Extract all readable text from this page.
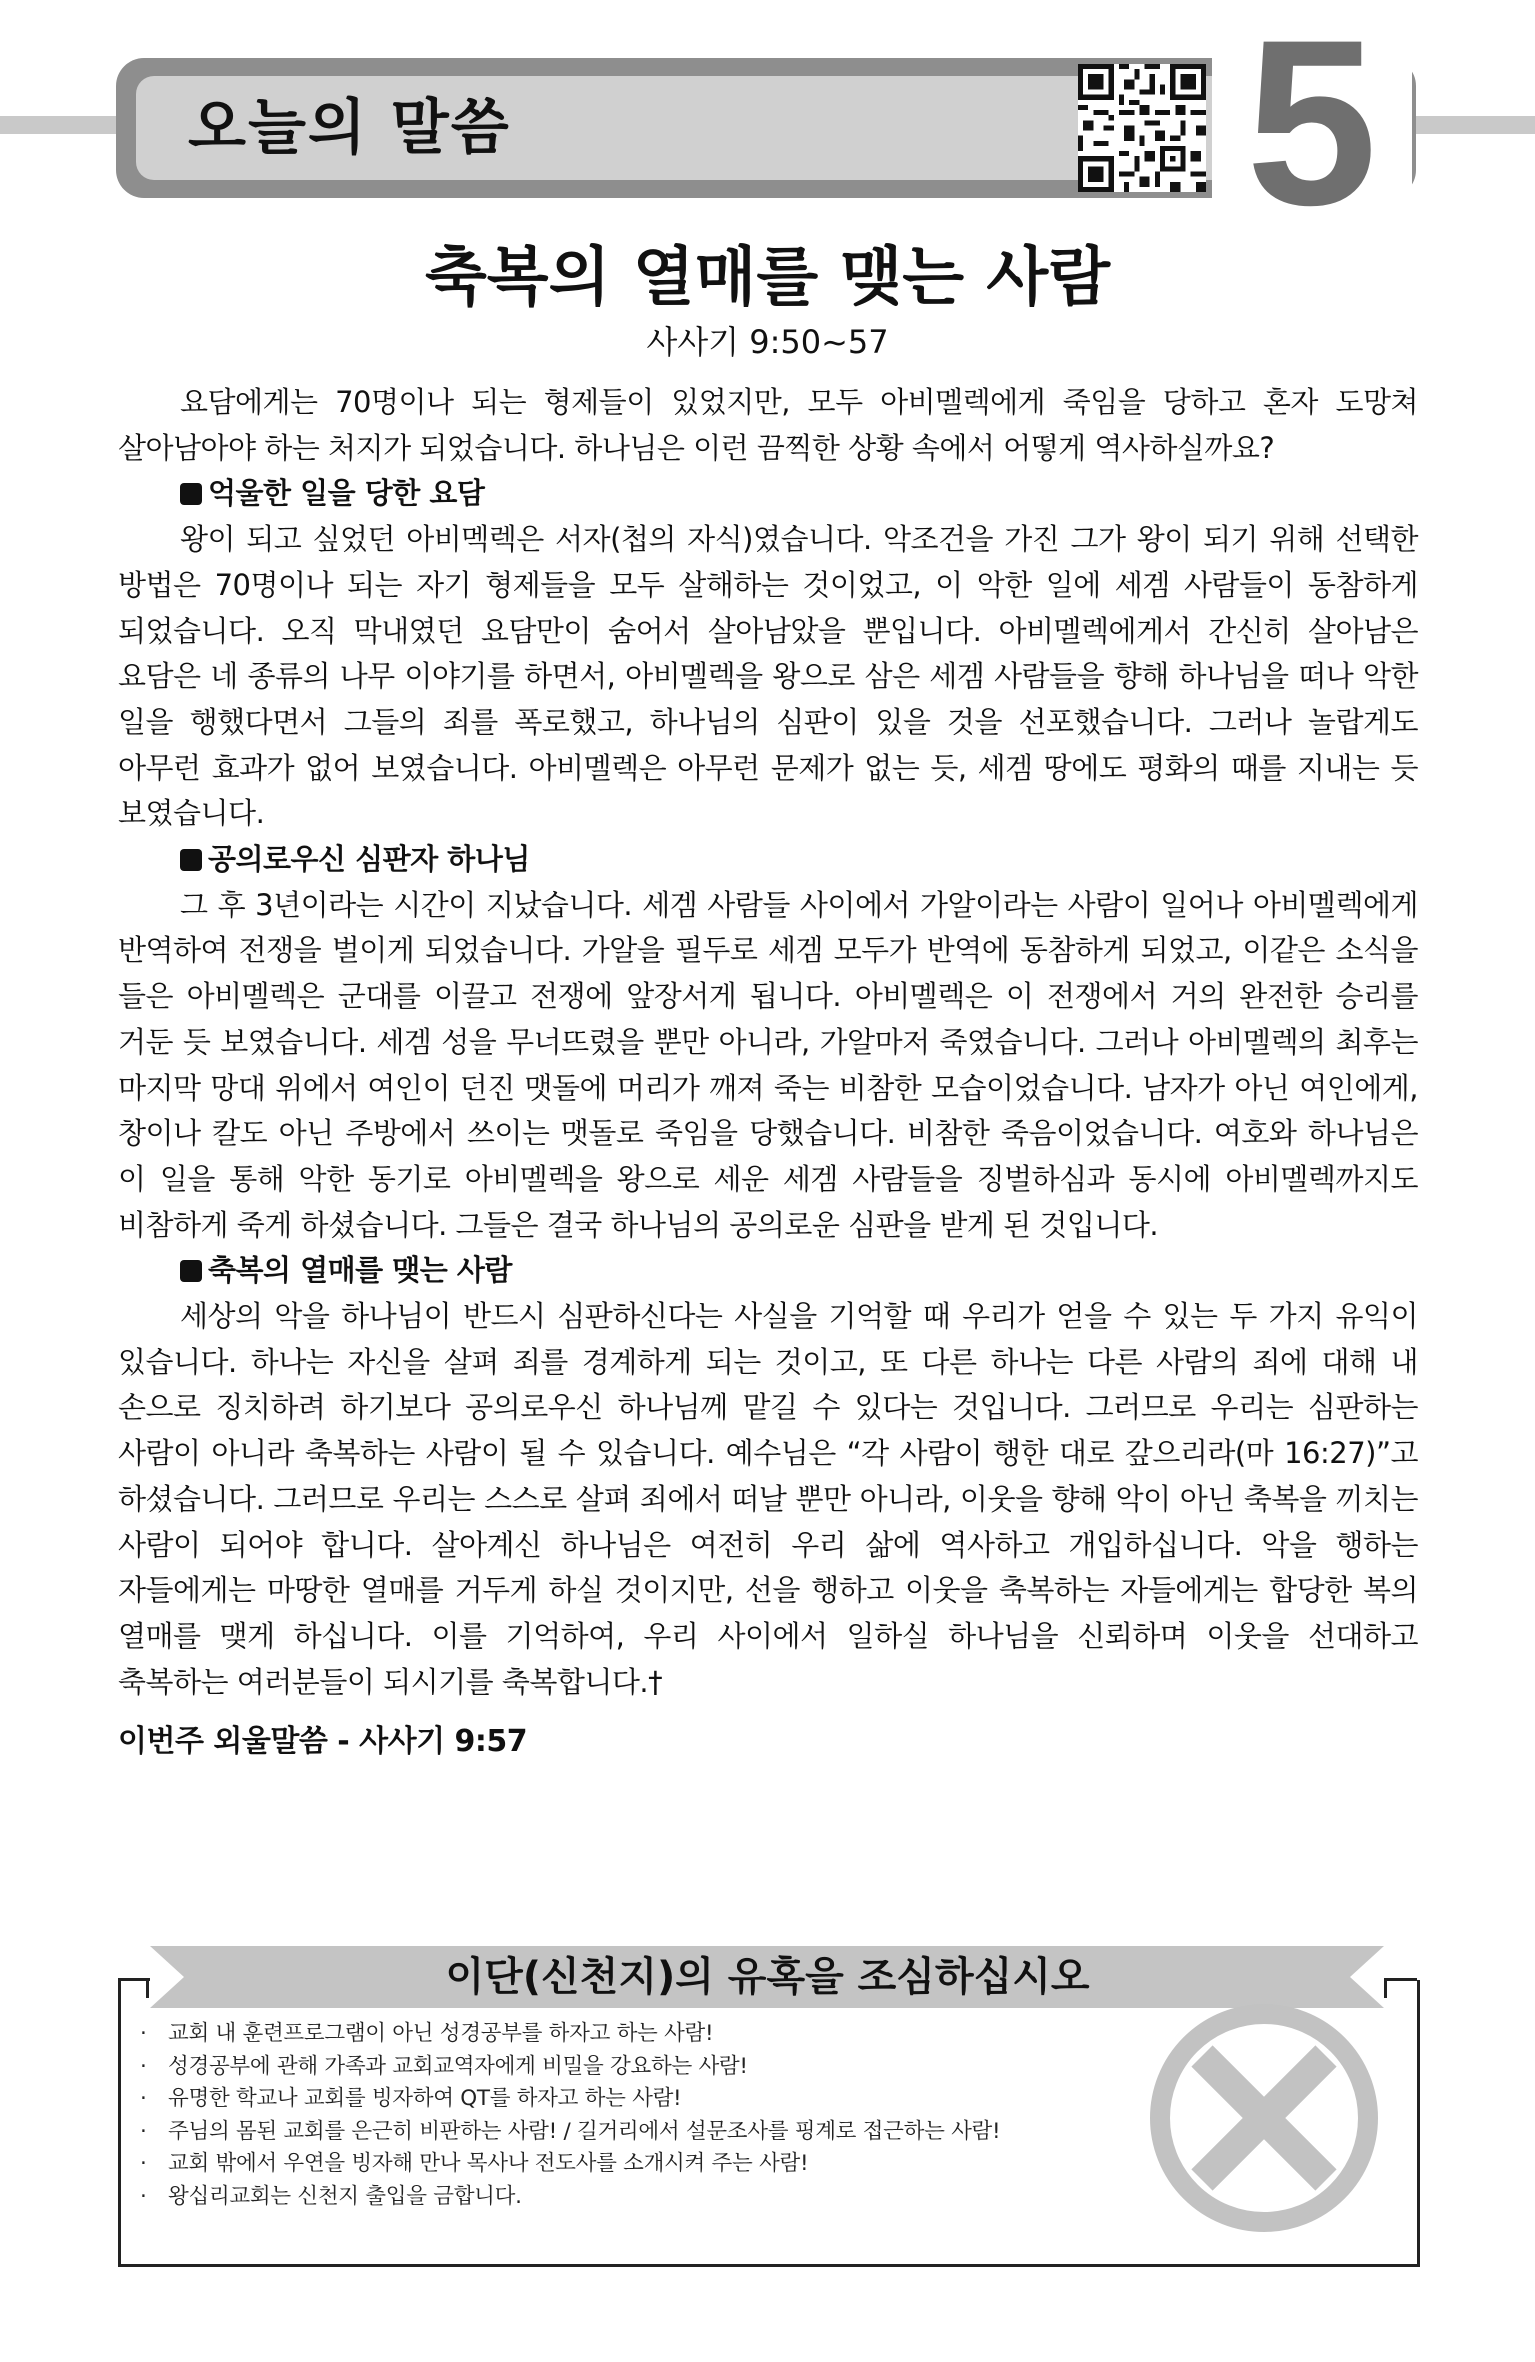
오늘의 말씀	5
축복의 열매를 맺는 사람
사사기 9:50~57

요담에게는 70명이나 되는 형제들이 있었지만, 모두 아비멜렉에게 죽임을 당하고 혼자 도망쳐 살아남아야 하는 처지가 되었습니다. 하나님은 이런 끔찍한 상황 속에서 어떻게 역사하실까요?

억울한 일을 당한 요담

왕이 되고 싶었던 아비멕렉은 서자(첩의 자식)였습니다. 악조건을 가진 그가 왕이 되기 위해 선택한 방법은 70명이나 되는 자기 형제들을 모두 살해하는 것이었고, 이 악한 일에 세겜 사람들이 동참하게 되었습니다. 오직 막내였던 요담만이 숨어서 살아남았을 뿐입니다. 아비멜렉에게서 간신히 살아남은 요담은 네 종류의 나무 이야기를 하면서, 아비멜렉을 왕으로 삼은 세겜 사람들을 향해 하나님을 떠나 악한 일을 행했다면서 그들의 죄를 폭로했고, 하나님의 심판이 있을 것을 선포했습니다. 그러나 놀랍게도 아무런 효과가 없어 보였습니다. 아비멜렉은 아무런 문제가 없는 듯, 세겜 땅에도 평화의 때를 지내는 듯 보였습니다.

공의로우신 심판자 하나님

그 후 3년이라는 시간이 지났습니다. 세겜 사람들 사이에서 가알이라는 사람이 일어나 아비멜렉에게 반역하여 전쟁을 벌이게 되었습니다. 가알을 필두로 세겜 모두가 반역에 동참하게 되었고, 이같은 소식을 들은 아비멜렉은 군대를 이끌고 전쟁에 앞장서게 됩니다. 아비멜렉은 이 전쟁에서 거의 완전한 승리를 거둔 듯 보였습니다. 세겜 성을 무너뜨렸을 뿐만 아니라, 가알마저 죽였습니다. 그러나 아비멜렉의 최후는 마지막 망대 위에서 여인이 던진 맷돌에 머리가 깨져 죽는 비참한 모습이었습니다. 남자가 아닌 여인에게, 창이나 칼도 아닌 주방에서 쓰이는 맷돌로 죽임을 당했습니다. 비참한 죽음이었습니다. 여호와 하나님은 이 일을 통해 악한 동기로 아비멜렉을 왕으로 세운 세겜 사람들을 징벌하심과 동시에 아비멜렉까지도 비참하게 죽게 하셨습니다. 그들은 결국 하나님의 공의로운 심판을 받게 된 것입니다.

축복의 열매를 맺는 사람

세상의 악을 하나님이 반드시 심판하신다는 사실을 기억할 때 우리가 얻을 수 있는 두 가지 유익이 있습니다. 하나는 자신을 살펴 죄를 경계하게 되는 것이고, 또 다른 하나는 다른 사람의 죄에 대해 내 손으로 징치하려 하기보다 공의로우신 하나님께 맡길 수 있다는 것입니다. 그러므로 우리는 심판하는 사람이 아니라 축복하는 사람이 될 수 있습니다. 예수님은 “각 사람이 행한 대로 갚으리라(마 16:27)”고 하셨습니다. 그러므로 우리는 스스로 살펴 죄에서 떠날 뿐만 아니라, 이웃을 향해 악이 아닌 축복을 끼치는 사람이 되어야 합니다. 살아계신 하나님은 여전히 우리 삶에 역사하고 개입하십니다. 악을 행하는 자들에게는 마땅한 열매를 거두게 하실 것이지만, 선을 행하고 이웃을 축복하는 자들에게는 합당한 복의 열매를 맺게 하십니다. 이를 기억하여, 우리 사이에서 일하실 하나님을 신뢰하며 이웃을 선대하고 축복하는 여러분들이 되시기를 축복합니다.†

이번주 외울말씀 - 사사기 9:57

이단(신천지)의 유혹을 조심하십시오
· 교회 내 훈련프로그램이 아닌 성경공부를 하자고 하는 사람!
· 성경공부에 관해 가족과 교회교역자에게 비밀을 강요하는 사람!
· 유명한 학교나 교회를 빙자하여 QT를 하자고 하는 사람!
· 주님의 몸된 교회를 은근히 비판하는 사람! / 길거리에서 설문조사를 핑계로 접근하는 사람!
· 교회 밖에서 우연을 빙자해 만나 목사나 전도사를 소개시켜 주는 사람!
· 왕십리교회는 신천지 출입을 금합니다.
